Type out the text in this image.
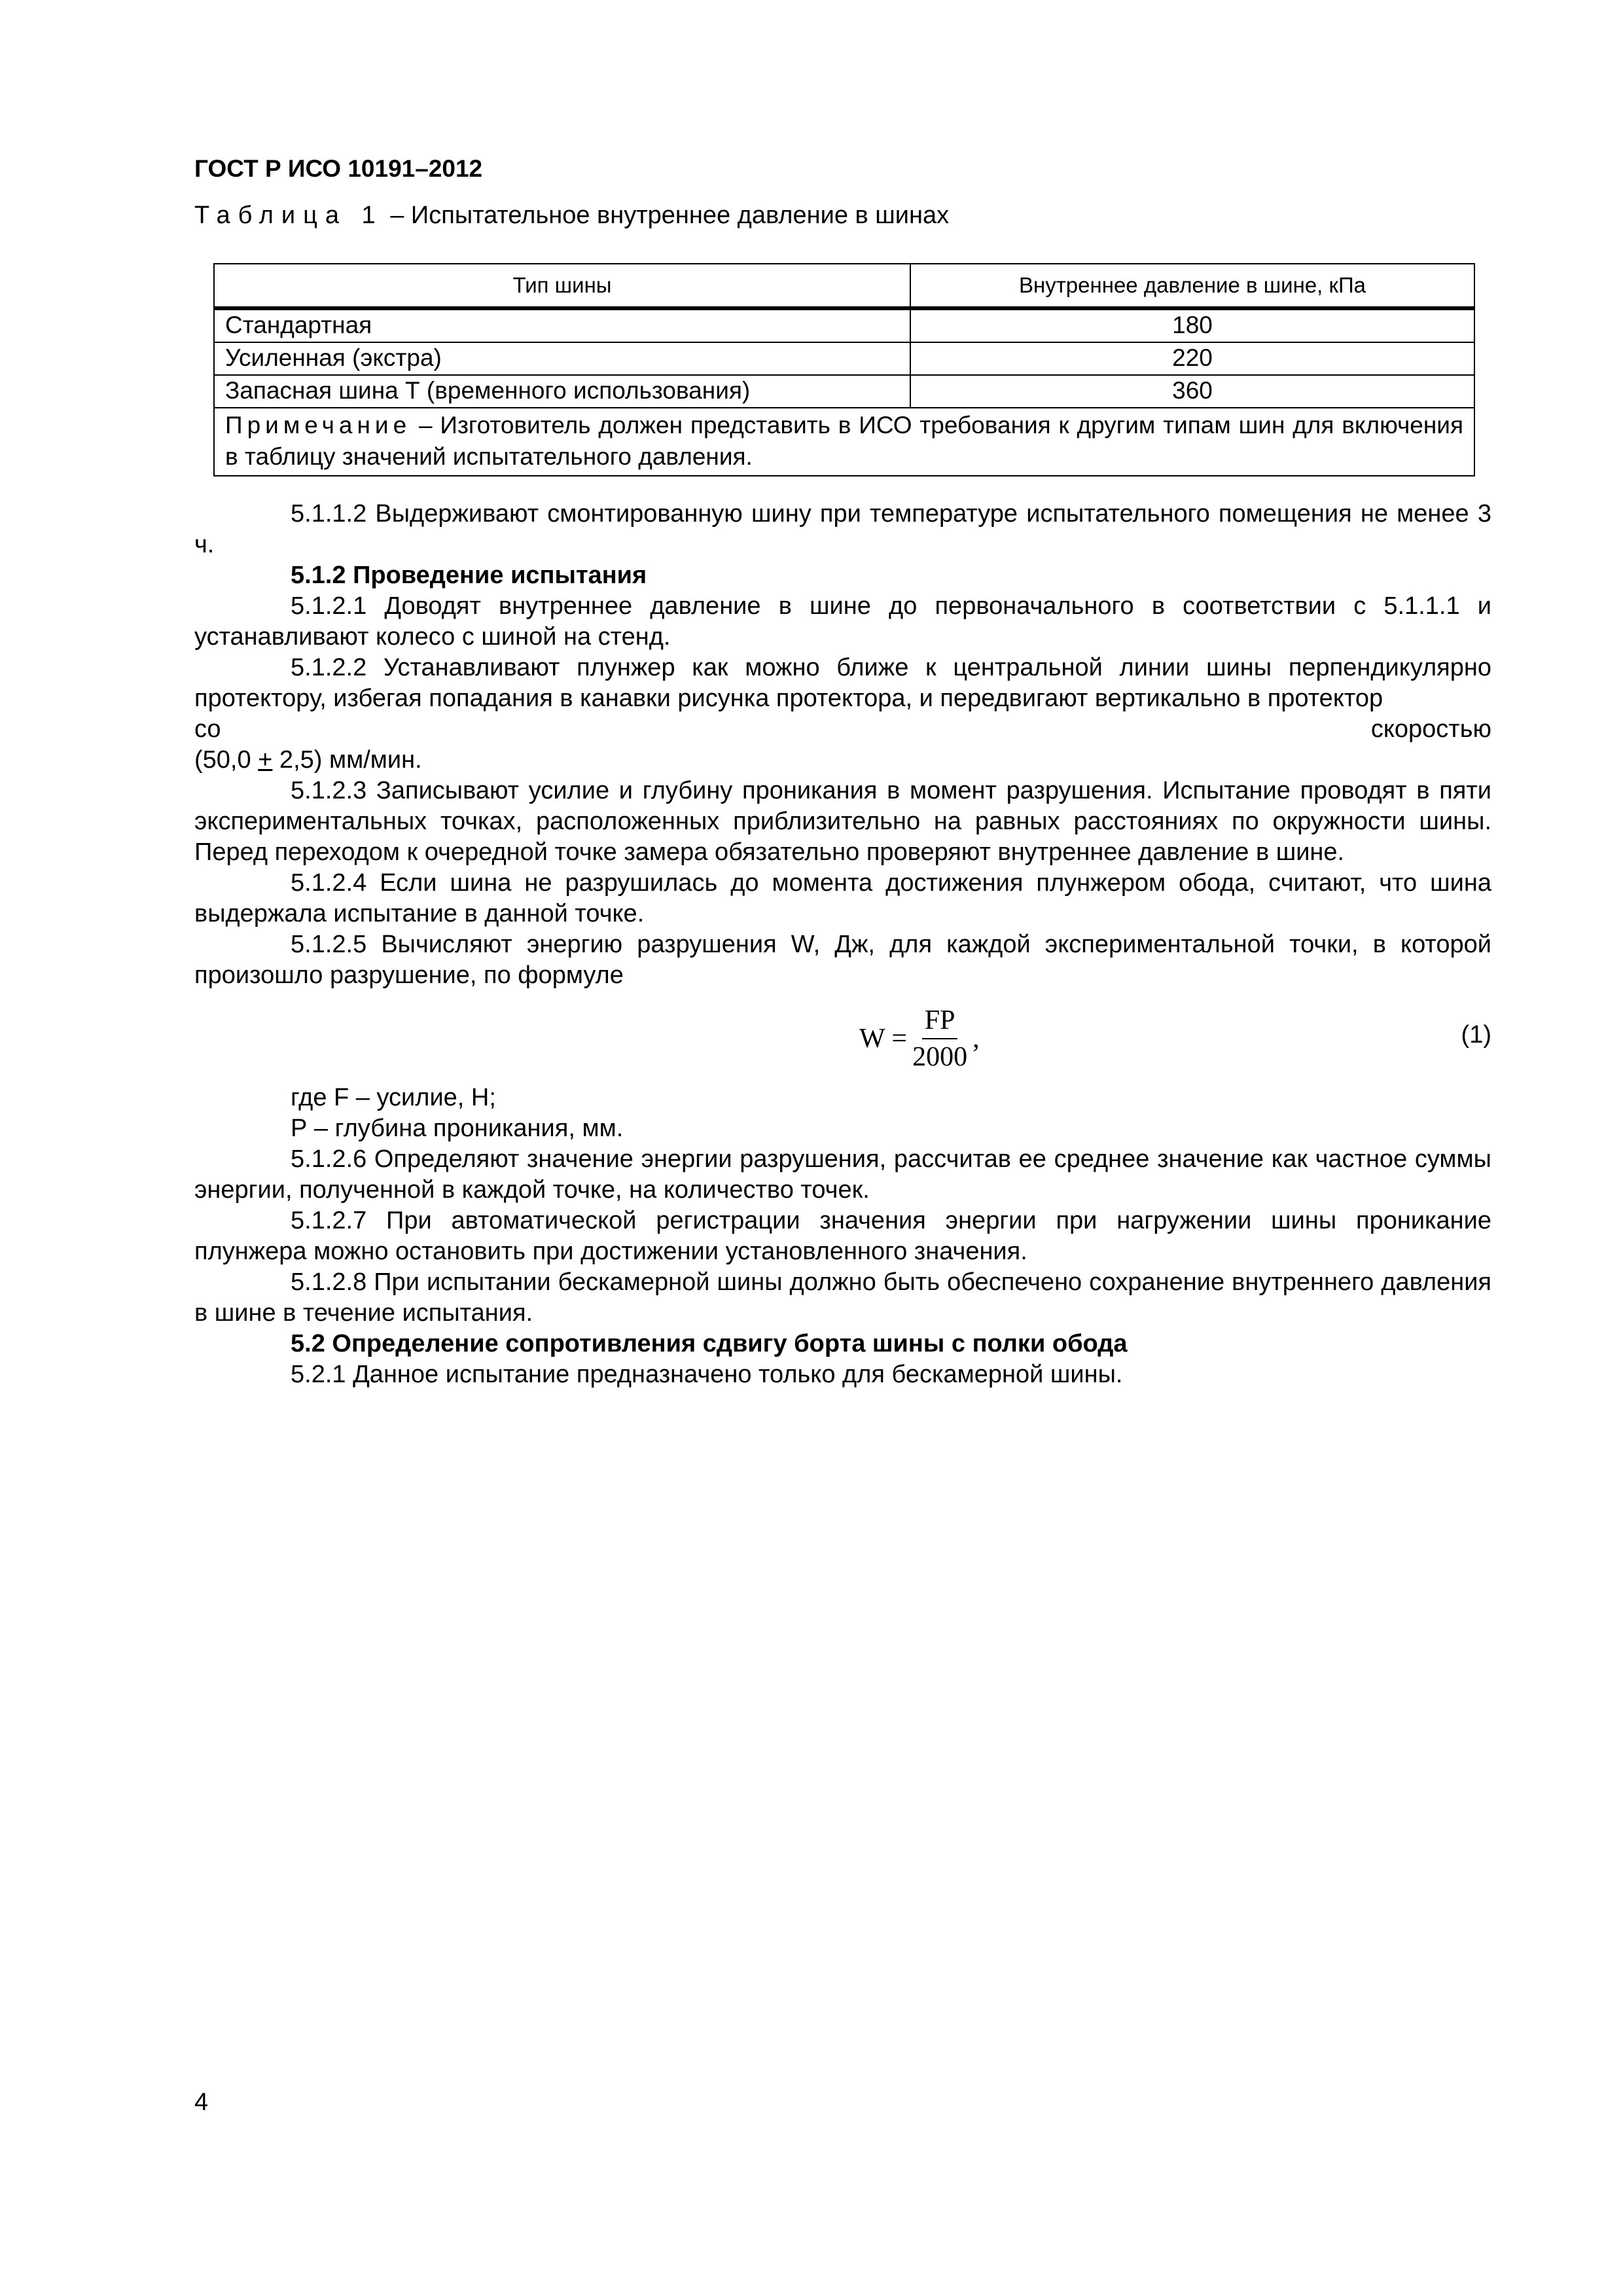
ГОСТ Р ИСО 10191–2012

Таблица 1 – Испытательное внутреннее давление в шинах

Тип шины	Внутреннее давление в шине, кПа
Стандартная	180
Усиленная (экстра)	220
Запасная шина Т (временного использования)	360
Примечание – Изготовитель должен представить в ИСО требования к другим типам шин для включения в таблицу значений испытательного давления.	

5.1.1.2 Выдерживают смонтированную шину при температуре испытательного помещения не менее 3 ч.

5.1.2 Проведение испытания

5.1.2.1 Доводят внутреннее давление в шине до первоначального в соответствии с 5.1.1.1 и устанавливают колесо с шиной на стенд.

5.1.2.2 Устанавливают плунжер как можно ближе к центральной линии шины перпендикулярно протектору, избегая попадания в канавки рисунка протектора, и передвигают вертикально в протектор

со	скоростью

(50,0 + 2,5) мм/мин.

5.1.2.3 Записывают усилие и глубину проникания в момент разрушения. Испытание проводят в пяти экспериментальных точках, расположенных приблизительно на равных расстояниях по окружности шины. Перед переходом к очередной точке замера обязательно проверяют внутреннее давление в шине.

5.1.2.4 Если шина не разрушилась до момента достижения плунжером обода, считают, что шина выдержала испытание в данной точке.

5.1.2.5 Вычисляют энергию разрушения W, Дж, для каждой экспериментальной точки, в которой произошло разрушение, по формуле

$W = \frac{FP}{2000}$ ,	(1)

где F – усилие, Н;

Р – глубина проникания, мм.

5.1.2.6 Определяют значение энергии разрушения, рассчитав ее среднее значение как частное суммы энергии, полученной в каждой точке, на количество точек.

5.1.2.7 При автоматической регистрации значения энергии при нагружении шины проникание плунжера можно остановить при достижении установленного значения.

5.1.2.8 При испытании бескамерной шины должно быть обеспечено сохранение внутреннего давления в шине в течение испытания.

5.2 Определение сопротивления сдвигу борта шины с полки обода

5.2.1 Данное испытание предназначено только для бескамерной шины.

4
